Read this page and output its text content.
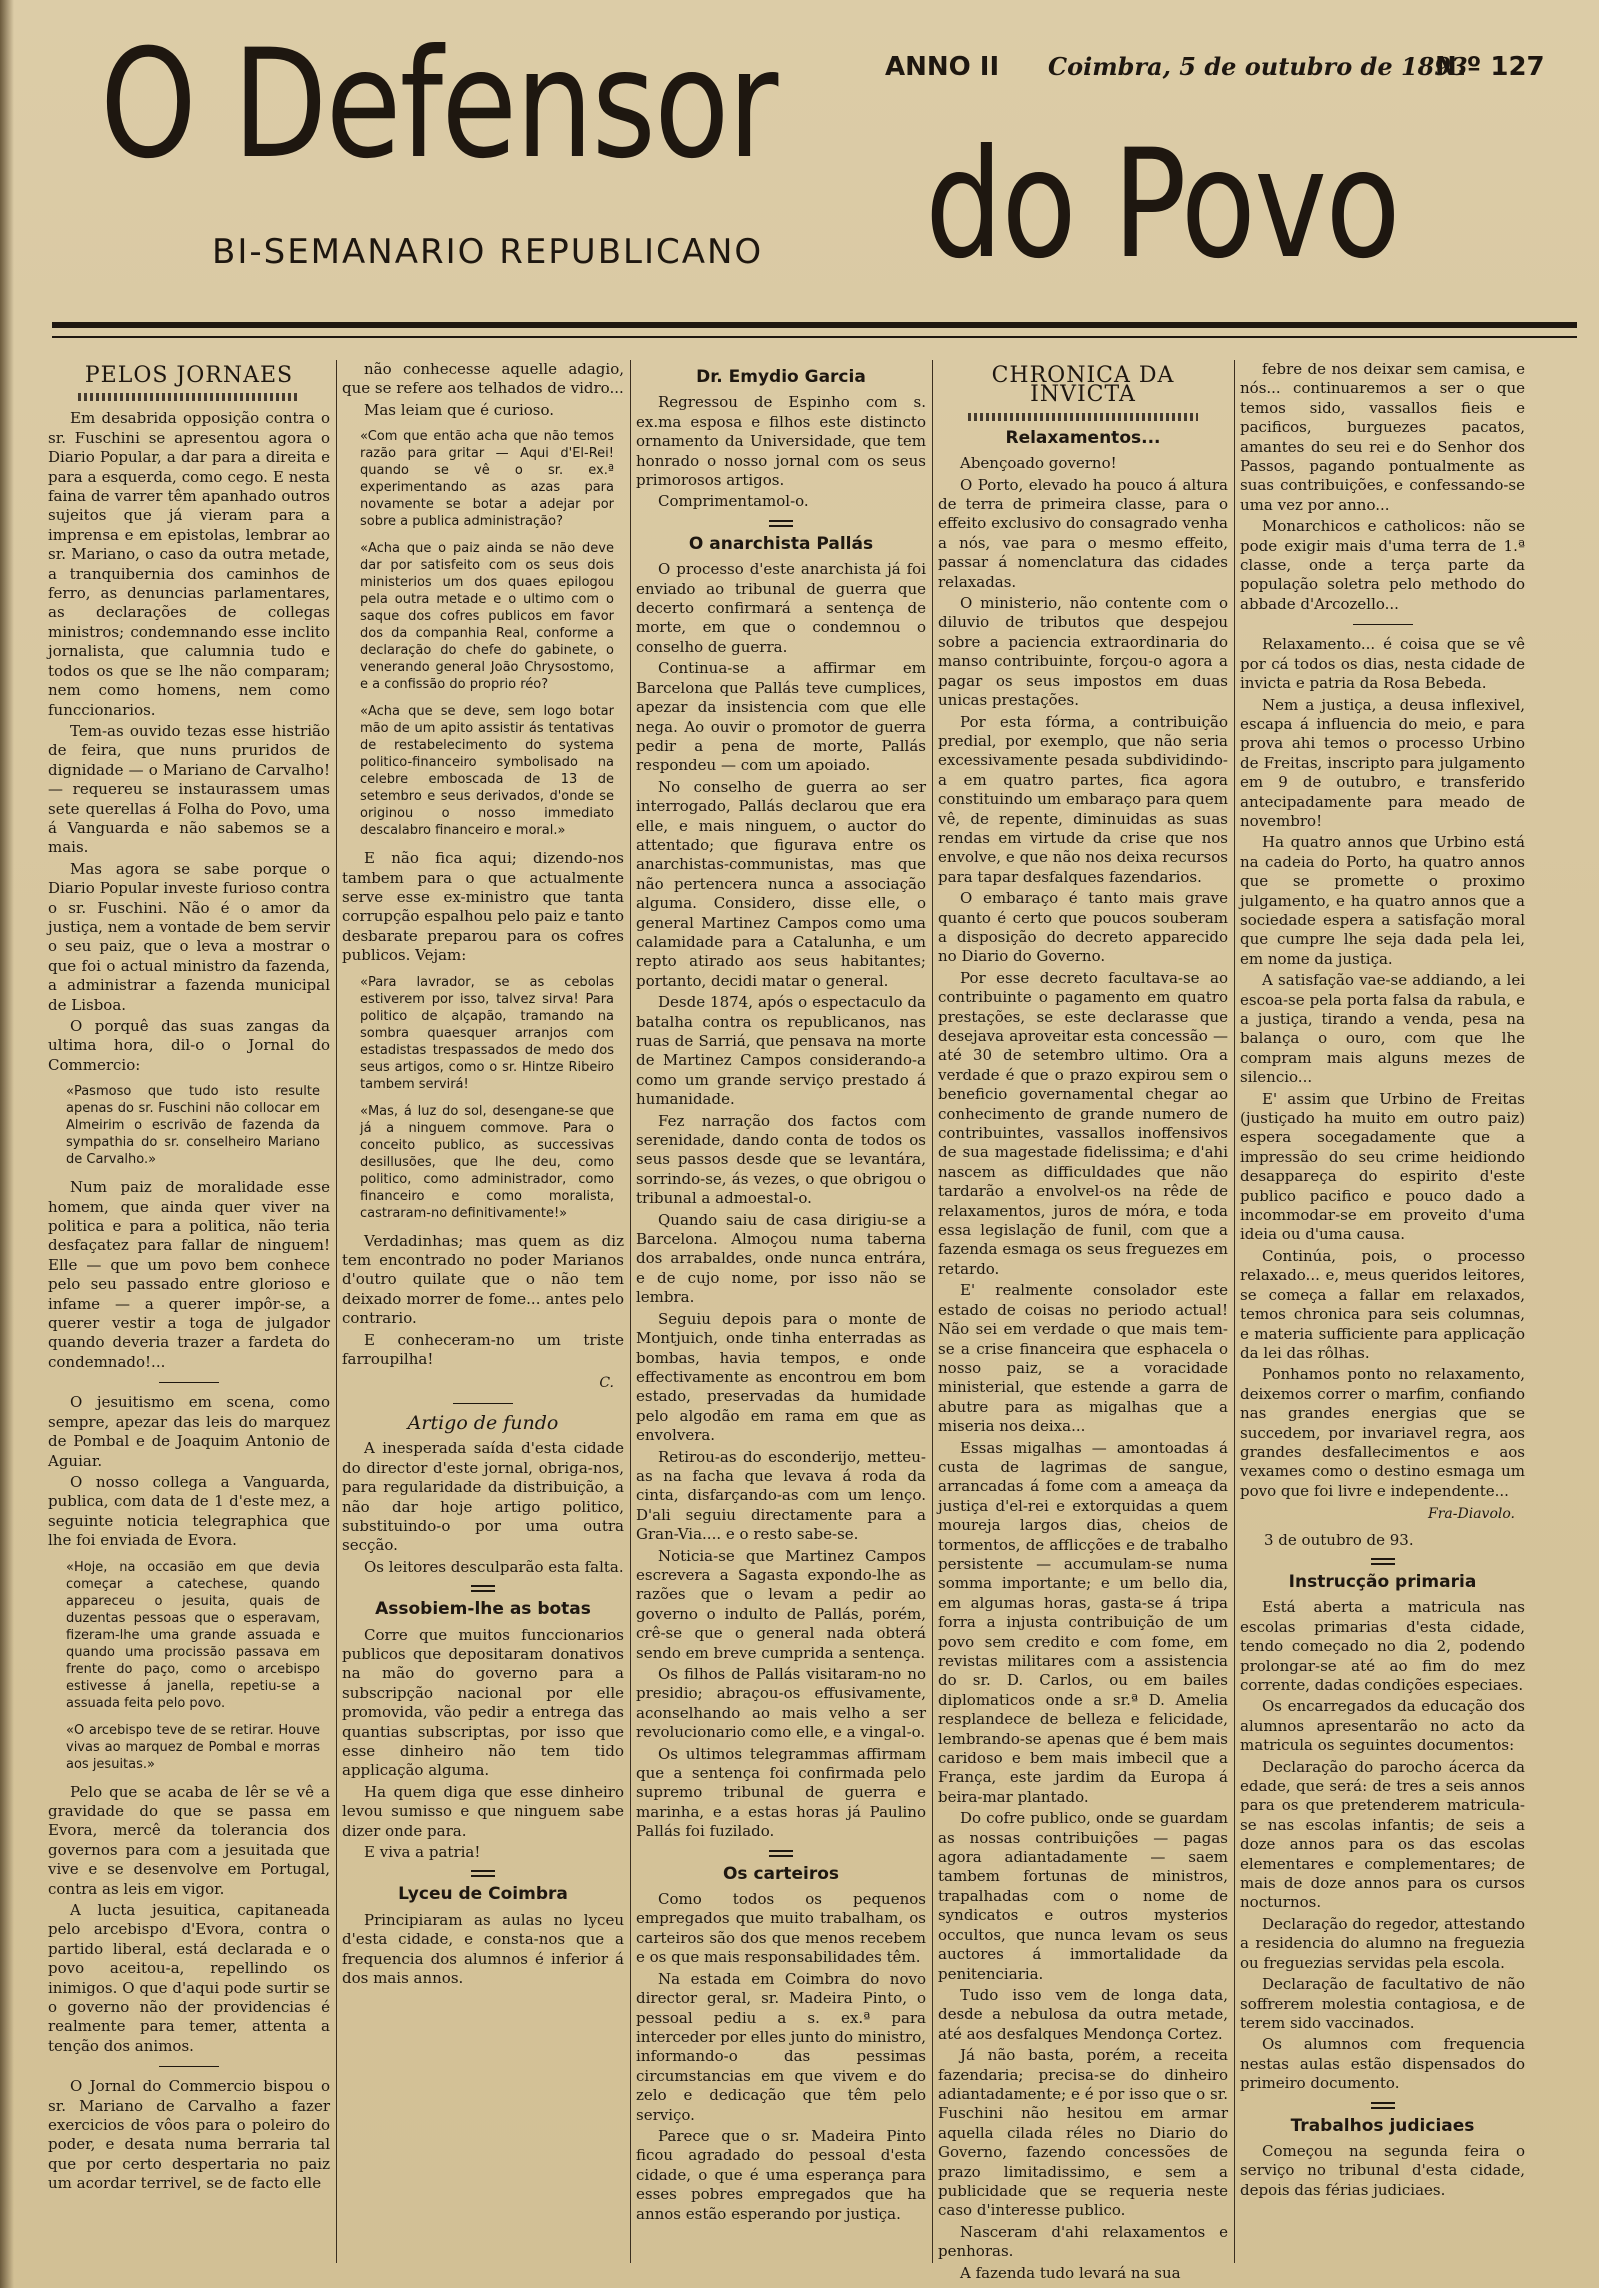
O Defensor
do Povo
BI-SEMANARIO REPUBLICANO
ANNO II Coimbra, 5 de outubro de 1893
N.º 127
PELOS JORNAES

Em desabrida opposição contra o sr. Fuschini se apresentou agora o Diario Popular, a dar para a direita e para a esquerda, como cego. E nesta faina de varrer têm apanhado outros sujeitos que já vieram para a imprensa e em epistolas, lembrar ao sr. Mariano, o caso da outra metade, a tranquibernia dos caminhos de ferro, as denuncias parlamentares, as declarações de collegas ministros; condemnando esse inclito jornalista, que calumnia tudo e todos os que se lhe não comparam; nem como homens, nem como funccionarios.

Tem-as ouvido tezas esse histrião de feira, que nuns pruridos de dignidade — o Mariano de Carvalho! — requereu se instaurassem umas sete querellas á Folha do Povo, uma á Vanguarda e não sabemos se a mais.

Mas agora se sabe porque o Diario Popular investe furioso contra o sr. Fuschini. Não é o amor da justiça, nem a vontade de bem servir o seu paiz, que o leva a mostrar o que foi o actual ministro da fazenda, a administrar a fazenda municipal de Lisboa.

O porquê das suas zangas da ultima hora, dil-o o Jornal do Commercio:

«Pasmoso que tudo isto resulte apenas do sr. Fuschini não collocar em Almeirim o escrivão de fazenda da sympathia do sr. conselheiro Mariano de Carvalho.»

Num paiz de moralidade esse homem, que ainda quer viver na politica e para a politica, não teria desfaçatez para fallar de ninguem! Elle — que um povo bem conhece pelo seu passado entre glorioso e infame — a querer impôr-se, a querer vestir a toga de julgador quando deveria trazer a fardeta do condemnado!...

O jesuitismo em scena, como sempre, apezar das leis do marquez de Pombal e de Joaquim Antonio de Aguiar.

O nosso collega a Vanguarda, publica, com data de 1 d'este mez, a seguinte noticia telegraphica que lhe foi enviada de Evora.

«Hoje, na occasião em que devia começar a catechese, quando appareceu o jesuita, quais de duzentas pessoas que o esperavam, fizeram-lhe uma grande assuada e quando uma procissão passava em frente do paço, como o arcebispo estivesse á janella, repetiu-se a assuada feita pelo povo.
«O arcebispo teve de se retirar. Houve vivas ao marquez de Pombal e morras aos jesuitas.»

Pelo que se acaba de lêr se vê a gravidade do que se passa em Evora, mercê da tolerancia dos governos para com a jesuitada que vive e se desenvolve em Portugal, contra as leis em vigor.

A lucta jesuitica, capitaneada pelo arcebispo d'Evora, contra o partido liberal, está declarada e o povo aceitou-a, repellindo os inimigos. O que d'aqui pode surtir se o governo não der providencias é realmente para temer, attenta a tenção dos animos.

O Jornal do Commercio bispou o sr. Mariano de Carvalho a fazer exercicios de vôos para o poleiro do poder, e desata numa berraria tal que por certo despertaria no paiz um acordar terrivel, se de facto elle

não conhecesse aquelle adagio, que se refere aos telhados de vidro...

Mas leiam que é curioso.

«Com que então acha que não temos razão para gritar — Aqui d'El-Rei! quando se vê o sr. ex.ª experimentando as azas para novamente se botar a adejar por sobre a publica administração?
«Acha que o paiz ainda se não deve dar por satisfeito com os seus dois ministerios um dos quaes epilogou pela outra metade e o ultimo com o saque dos cofres publicos em favor dos da companhia Real, conforme a declaração do chefe do gabinete, o venerando general João Chrysostomo, e a confissão do proprio réo?
«Acha que se deve, sem logo botar mão de um apito assistir ás tentativas de restabelecimento do systema politico-financeiro symbolisado na celebre emboscada de 13 de setembro e seus derivados, d'onde se originou o nosso immediato descalabro financeiro e moral.»

E não fica aqui; dizendo-nos tambem para o que actualmente serve esse ex-ministro que tanta corrupção espalhou pelo paiz e tanto desbarate preparou para os cofres publicos. Vejam:

«Para lavrador, se as cebolas estiverem por isso, talvez sirva! Para politico de alçapão, tramando na sombra quaesquer arranjos com estadistas trespassados de medo dos seus artigos, como o sr. Hintze Ribeiro tambem servirá!
«Mas, á luz do sol, desengane-se que já a ninguem commove. Para o conceito publico, as successivas desillusões, que lhe deu, como politico, como administrador, como financeiro e como moralista, castraram-no definitivamente!»

Verdadinhas; mas quem as diz tem encontrado no poder Marianos d'outro quilate que o não tem deixado morrer de fome... antes pelo contrario.

E conheceram-no um triste farroupilha!

C.
Artigo de fundo

A inesperada saída d'esta cidade do director d'este jornal, obriga-nos, para regularidade da distribuição, a não dar hoje artigo politico, substituindo-o por uma outra secção.

Os leitores desculparão esta falta.

Assobiem-lhe as botas

Corre que muitos funccionarios publicos que depositaram donativos na mão do governo para a subscripção nacional por elle promovida, vão pedir a entrega das quantias subscriptas, por isso que esse dinheiro não tem tido applicação alguma.

Ha quem diga que esse dinheiro levou sumisso e que ninguem sabe dizer onde para.

E viva a patria!

Lyceu de Coimbra

Principiaram as aulas no lyceu d'esta cidade, e consta-nos que a frequencia dos alumnos é inferior á dos mais annos.

Dr. Emydio Garcia

Regressou de Espinho com s. ex.ma esposa e filhos este distincto ornamento da Universidade, que tem honrado o nosso jornal com os seus primorosos artigos.

Comprimentamol-o.

O anarchista Pallás

O processo d'este anarchista já foi enviado ao tribunal de guerra que decerto confirmará a sentença de morte, em que o condemnou o conselho de guerra.

Continua-se a affirmar em Barcelona que Pallás teve cumplices, apezar da insistencia com que elle nega. Ao ouvir o promotor de guerra pedir a pena de morte, Pallás respondeu — com um apoiado.

No conselho de guerra ao ser interrogado, Pallás declarou que era elle, e mais ninguem, o auctor do attentado; que figurava entre os anarchistas-communistas, mas que não pertencera nunca a associação alguma. Considero, disse elle, o general Martinez Campos como uma calamidade para a Catalunha, e um repto atirado aos seus habitantes; portanto, decidi matar o general.

Desde 1874, após o espectaculo da batalha contra os republicanos, nas ruas de Sarriá, que pensava na morte de Martinez Campos considerando-a como um grande serviço prestado á humanidade.

Fez narração dos factos com serenidade, dando conta de todos os seus passos desde que se levantára, sorrindo-se, ás vezes, o que obrigou o tribunal a admoestal-o.

Quando saiu de casa dirigiu-se a Barcelona. Almoçou numa taberna dos arrabaldes, onde nunca entrára, e de cujo nome, por isso não se lembra.

Seguiu depois para o monte de Montjuich, onde tinha enterradas as bombas, havia tempos, e onde effectivamente as encontrou em bom estado, preservadas da humidade pelo algodão em rama em que as envolvera.

Retirou-as do esconderijo, metteu-as na facha que levava á roda da cinta, disfarçando-as com um lenço. D'ali seguiu directamente para a Gran-Via.... e o resto sabe-se.

Noticia-se que Martinez Campos escrevera a Sagasta expondo-lhe as razões que o levam a pedir ao governo o indulto de Pallás, porém, crê-se que o general nada obterá sendo em breve cumprida a sentença.

Os filhos de Pallás visitaram-no no presidio; abraçou-os effusivamente, aconselhando ao mais velho a ser revolucionario como elle, e a vingal-o.

Os ultimos telegrammas affirmam que a sentença foi confirmada pelo supremo tribunal de guerra e marinha, e a estas horas já Paulino Pallás foi fuzilado.

Os carteiros

Como todos os pequenos empregados que muito trabalham, os carteiros são dos que menos recebem e os que mais responsabilidades têm.

Na estada em Coimbra do novo director geral, sr. Madeira Pinto, o pessoal pediu a s. ex.ª para interceder por elles junto do ministro, informando-o das pessimas circumstancias em que vivem e do zelo e dedicação que têm pelo serviço.

Parece que o sr. Madeira Pinto ficou agradado do pessoal d'esta cidade, o que é uma esperança para esses pobres empregados que ha annos estão esperando por justiça.

CHRONICA DA INVICTA
Relaxamentos...

Abençoado governo!

O Porto, elevado ha pouco á altura de terra de primeira classe, para o effeito exclusivo do consagrado venha a nós, vae para o mesmo effeito, passar á nomenclatura das cidades relaxadas.

O ministerio, não contente com o diluvio de tributos que despejou sobre a paciencia extraordinaria do manso contribuinte, forçou-o agora a pagar os seus impostos em duas unicas prestações.

Por esta fórma, a contribuição predial, por exemplo, que não seria excessivamente pesada subdividindo-a em quatro partes, fica agora constituindo um embaraço para quem vê, de repente, diminuidas as suas rendas em virtude da crise que nos envolve, e que não nos deixa recursos para tapar desfalques fazendarios.

O embaraço é tanto mais grave quanto é certo que poucos souberam a disposição do decreto apparecido no Diario do Governo.

Por esse decreto facultava-se ao contribuinte o pagamento em quatro prestações, se este declarasse que desejava aproveitar esta concessão — até 30 de setembro ultimo. Ora a verdade é que o prazo expirou sem o beneficio governamental chegar ao conhecimento de grande numero de contribuintes, vassallos inoffensivos de sua magestade fidelissima; e d'ahi nascem as difficuldades que não tardarão a envolvel-os na rêde de relaxamentos, juros de móra, e toda essa legislação de funil, com que a fazenda esmaga os seus freguezes em retardo.

E' realmente consolador este estado de coisas no periodo actual! Não sei em verdade o que mais tem-se a crise financeira que esphacela o nosso paiz, se a voracidade ministerial, que estende a garra de abutre para as migalhas que a miseria nos deixa...

Essas migalhas — amontoadas á custa de lagrimas de sangue, arrancadas á fome com a ameaça da justiça d'el-rei e extorquidas a quem moureja largos dias, cheios de tormentos, de afflicções e de trabalho persistente — accumulam-se numa somma importante; e um bello dia, em algumas horas, gasta-se á tripa forra a injusta contribuição de um povo sem credito e com fome, em revistas militares com a assistencia do sr. D. Carlos, ou em bailes diplomaticos onde a sr.ª D. Amelia resplandece de belleza e felicidade, lembrando-se apenas que é bem mais caridoso e bem mais imbecil que a França, este jardim da Europa á beira-mar plantado.

Do cofre publico, onde se guardam as nossas contribuições — pagas agora adiantadamente — saem tambem fortunas de ministros, trapalhadas com o nome de syndicatos e outros mysterios occultos, que nunca levam os seus auctores á immortalidade da penitenciaria.

Tudo isso vem de longa data, desde a nebulosa da outra metade, até aos desfalques Mendonça Cortez.

Já não basta, porém, a receita fazendaria; precisa-se do dinheiro adiantadamente; e é por isso que o sr. Fuschini não hesitou em armar aquella cilada réles no Diario do Governo, fazendo concessões de prazo limitadissimo, e sem a publicidade que se requeria neste caso d'interesse publico.

Nasceram d'ahi relaxamentos e penhoras.

A fazenda tudo levará na sua

febre de nos deixar sem camisa, e nós... continuaremos a ser o que temos sido, vassallos fieis e pacificos, burguezes pacatos, amantes do seu rei e do Senhor dos Passos, pagando pontualmente as suas contribuições, e confessando-se uma vez por anno...

Monarchicos e catholicos: não se pode exigir mais d'uma terra de 1.ª classe, onde a terça parte da população soletra pelo methodo do abbade d'Arcozello...

Relaxamento... é coisa que se vê por cá todos os dias, nesta cidade de invicta e patria da Rosa Bebeda.

Nem a justiça, a deusa inflexivel, escapa á influencia do meio, e para prova ahi temos o processo Urbino de Freitas, inscripto para julgamento em 9 de outubro, e transferido antecipadamente para meado de novembro!

Ha quatro annos que Urbino está na cadeia do Porto, ha quatro annos que se promette o proximo julgamento, e ha quatro annos que a sociedade espera a satisfação moral que cumpre lhe seja dada pela lei, em nome da justiça.

A satisfação vae-se addiando, a lei escoa-se pela porta falsa da rabula, e a justiça, tirando a venda, pesa na balança o ouro, com que lhe compram mais alguns mezes de silencio...

E' assim que Urbino de Freitas (justiçado ha muito em outro paiz) espera socegadamente que a impressão do seu crime heidiondo desappareça do espirito d'este publico pacifico e pouco dado a incommodar-se em proveito d'uma ideia ou d'uma causa.

Continúa, pois, o processo relaxado... e, meus queridos leitores, se começa a fallar em relaxados, temos chronica para seis columnas, e materia sufficiente para applicação da lei das rôlhas.

Ponhamos ponto no relaxamento, deixemos correr o marfim, confiando nas grandes energias que se succedem, por invariavel regra, aos grandes desfallecimentos e aos vexames como o destino esmaga um povo que foi livre e independente...

Fra-Diavolo.
3 de outubro de 93.
Instrucção primaria

Está aberta a matricula nas escolas primarias d'esta cidade, tendo começado no dia 2, podendo prolongar-se até ao fim do mez corrente, dadas condições especiaes.

Os encarregados da educação dos alumnos apresentarão no acto da matricula os seguintes documentos:

Declaração do parocho ácerca da edade, que será: de tres a seis annos para os que pretenderem matricula-se nas escolas infantis; de seis a doze annos para os das escolas elementares e complementares; de mais de doze annos para os cursos nocturnos.

Declaração do regedor, attestando a residencia do alumno na freguezia ou freguezias servidas pela escola.

Declaração de facultativo de não soffrerem molestia contagiosa, e de terem sido vaccinados.

Os alumnos com frequencia nestas aulas estão dispensados do primeiro documento.

Trabalhos judiciaes

Começou na segunda feira o serviço no tribunal d'esta cidade, depois das férias judiciaes.
